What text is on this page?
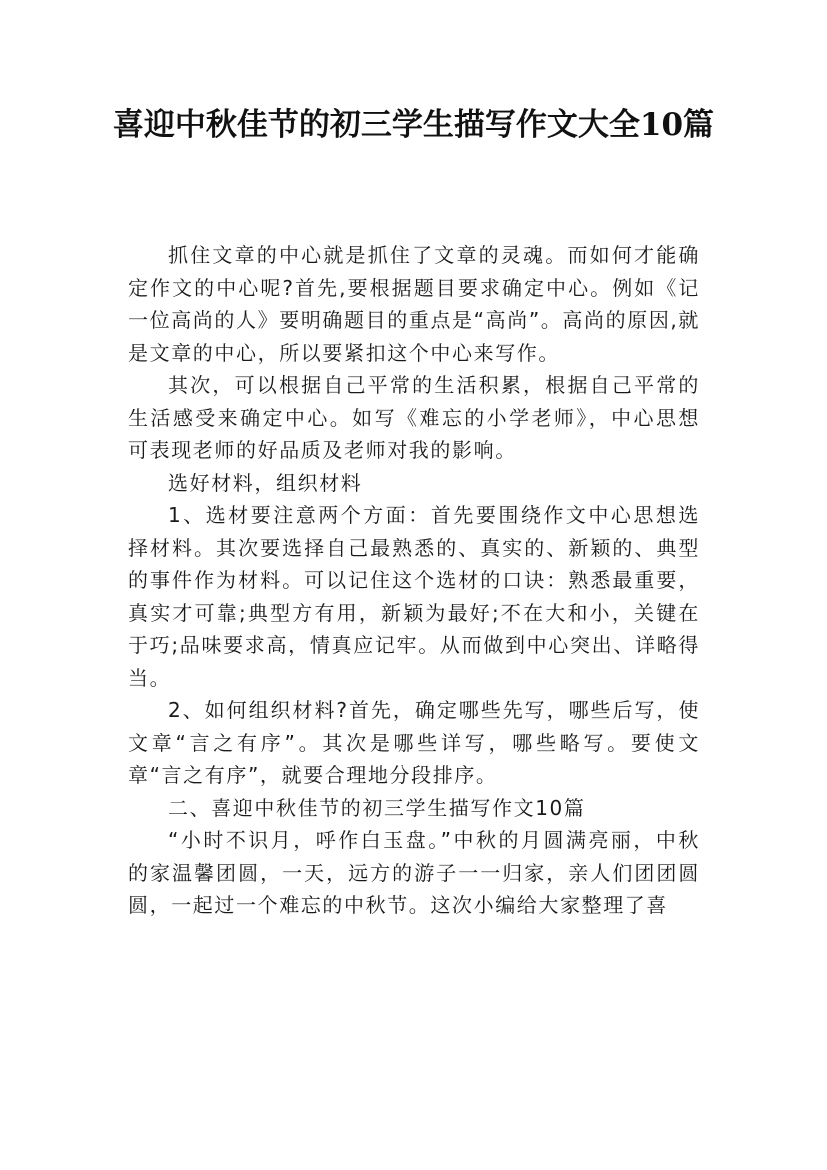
喜迎中秋佳节的初三学生描写作文大全10篇

抓住文章的中心就是抓住了文章的灵魂。而如何才能确定作文的中心呢?首先,要根据题目要求确定中心。例如《记一位高尚的人》要明确题目的重点是“高尚”。高尚的原因,就是文章的中心，所以要紧扣这个中心来写作。

其次，可以根据自己平常的生活积累，根据自己平常的生活感受来确定中心。如写《难忘的小学老师》，中心思想可表现老师的好品质及老师对我的影响。

选好材料，组织材料

1、选材要注意两个方面：首先要围绕作文中心思想选择材料。其次要选择自己最熟悉的、真实的、新颖的、典型的事件作为材料。可以记住这个选材的口诀：熟悉最重要，真实才可靠;典型方有用，新颖为最好;不在大和小，关键在于巧;品味要求高，情真应记牢。从而做到中心突出、详略得当。

2、如何组织材料?首先，确定哪些先写，哪些后写，使文章“言之有序”。其次是哪些详写，哪些略写。要使文章“言之有序”，就要合理地分段排序。

二、喜迎中秋佳节的初三学生描写作文10篇

“小时不识月，呼作白玉盘。”中秋的月圆满亮丽，中秋的家温馨团圆，一天，远方的游子一一归家，亲人们团团圆圆，一起过一个难忘的中秋节。这次小编给大家整理了喜
